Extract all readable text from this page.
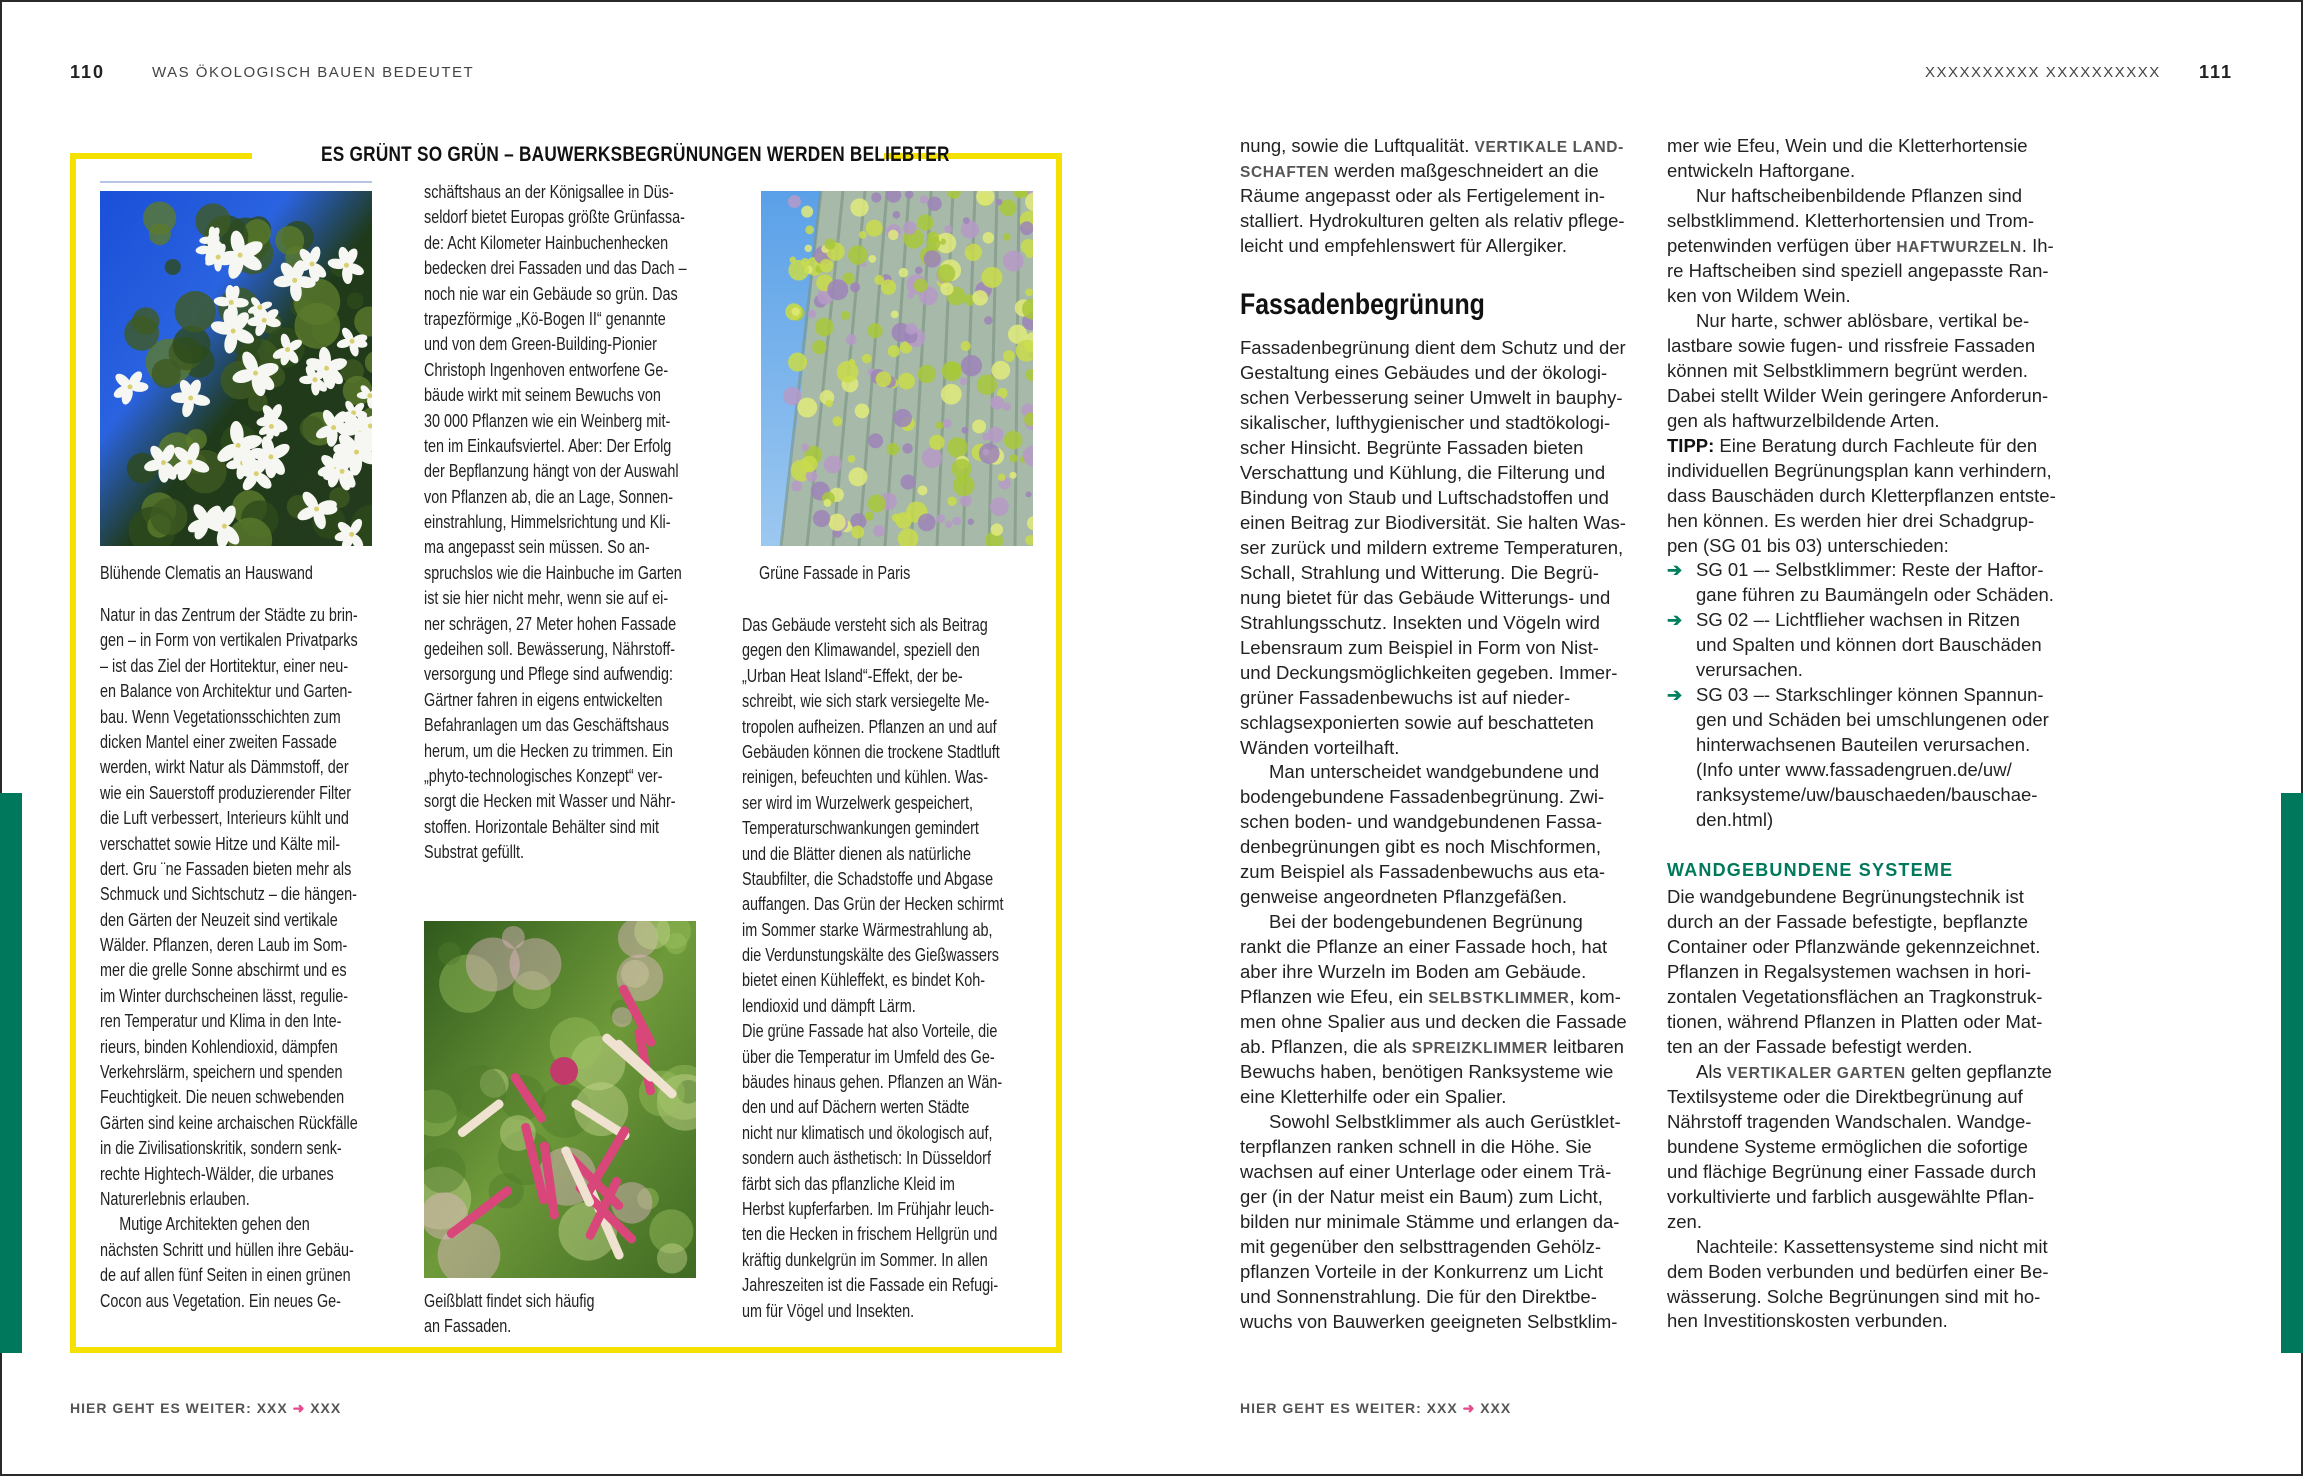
110	WAS ÖKOLOGISCH BAUEN BEDEUTET
ES GRÜNT SO GRÜN – BAUWERKSBEGRÜNUNGEN WERDEN BELIEBTER
Blühende Clematis an Hauswand
Natur in das Zentrum der Städte zu brin-
gen – in Form von vertikalen Privatparks
– ist das Ziel der Hortitektur, einer neu-
en Balance von Architektur und Garten-
bau. Wenn Vegetationsschichten zum
dicken Mantel einer zweiten Fassade
werden, wirkt Natur als Dämmstoff, der
wie ein Sauerstoff produzierender Filter
die Luft verbessert, Interieurs kühlt und
verschattet sowie Hitze und Kälte mil-
dert. Gru ¨ne Fassaden bieten mehr als
Schmuck und Sichtschutz – die hängen-
den Gärten der Neuzeit sind vertikale
Wälder. Pflanzen, deren Laub im Som-
mer die grelle Sonne abschirmt und es
im Winter durchscheinen lässt, regulie-
ren Temperatur und Klima in den Inte-
rieurs, binden Kohlendioxid, dämpfen
Verkehrslärm, speichern und spenden
Feuchtigkeit. Die neuen schwebenden
Gärten sind keine archaischen Rückfälle
in die Zivilisationskritik, sondern senk-
rechte Hightech-Wälder, die urbanes
Naturerlebnis erlauben.
Mutige Architekten gehen den
nächsten Schritt und hüllen ihre Gebäu-
de auf allen fünf Seiten in einen grünen
Cocon aus Vegetation. Ein neues Ge-
schäftshaus an der Königsallee in Düs-
seldorf bietet Europas größte Grünfassa-
de: Acht Kilometer Hainbuchenhecken
bedecken drei Fassaden und das Dach –
noch nie war ein Gebäude so grün. Das
trapezförmige „Kö-Bogen II“ genannte
und von dem Green-Building-Pionier
Christoph Ingenhoven entworfene Ge-
bäude wirkt mit seinem Bewuchs von
30 000 Pflanzen wie ein Weinberg mit-
ten im Einkaufsviertel. Aber: Der Erfolg
der Bepflanzung hängt von der Auswahl
von Pflanzen ab, die an Lage, Sonnen-
einstrahlung, Himmelsrichtung und Kli-
ma angepasst sein müssen. So an-
spruchslos wie die Hainbuche im Garten
ist sie hier nicht mehr, wenn sie auf ei-
ner schrägen, 27 Meter hohen Fassade
gedeihen soll. Bewässerung, Nährstoff-
versorgung und Pflege sind aufwendig:
Gärtner fahren in eigens entwickelten
Befahranlagen um das Geschäftshaus
herum, um die Hecken zu trimmen. Ein
„phyto-technologisches Konzept“ ver-
sorgt die Hecken mit Wasser und Nähr-
stoffen. Horizontale Behälter sind mit
Substrat gefüllt.
Geißblatt findet sich häufig
an Fassaden.
Grüne Fassade in Paris
Das Gebäude versteht sich als Beitrag
gegen den Klimawandel, speziell den
„Urban Heat Island“-Effekt, der be-
schreibt, wie sich stark versiegelte Me-
tropolen aufheizen. Pflanzen an und auf
Gebäuden können die trockene Stadtluft
reinigen, befeuchten und kühlen. Was-
ser wird im Wurzelwerk gespeichert,
Temperaturschwankungen gemindert
und die Blätter dienen als natürliche
Staubfilter, die Schadstoffe und Abgase
auffangen. Das Grün der Hecken schirmt
im Sommer starke Wärmestrahlung ab,
die Verdunstungskälte des Gießwassers
bietet einen Kühleffekt, es bindet Koh-
lendioxid und dämpft Lärm.
Die grüne Fassade hat also Vorteile, die
über die Temperatur im Umfeld des Ge-
bäudes hinaus gehen. Pflanzen an Wän-
den und auf Dächern werten Städte
nicht nur klimatisch und ökologisch auf,
sondern auch ästhetisch: In Düsseldorf
färbt sich das pflanzliche Kleid im
Herbst kupferfarben. Im Frühjahr leuch-
ten die Hecken in frischem Hellgrün und
kräftig dunkelgrün im Sommer. In allen
Jahreszeiten ist die Fassade ein Refugi-
um für Vögel und Insekten.
HIER GEHT ES WEITER: XXX ➜ XXX
XXXXXXXXXX XXXXXXXXXX 111
nung, sowie die Luftqualität. VERTIKALE LAND-
SCHAFTEN werden maßgeschneidert an die
Räume angepasst oder als Fertigelement in-
stalliert. Hydrokulturen gelten als relativ pflege-
leicht und empfehlenswert für Allergiker.
Fassadenbegrünung
Fassadenbegrünung dient dem Schutz und der
Gestaltung eines Gebäudes und der ökologi-
schen Verbesserung seiner Umwelt in bauphy-
sikalischer, lufthygienischer und stadtökologi-
scher Hinsicht. Begrünte Fassaden bieten
Verschattung und Kühlung, die Filterung und
Bindung von Staub und Luftschadstoffen und
einen Beitrag zur Biodiversität. Sie halten Was-
ser zurück und mildern extreme Temperaturen,
Schall, Strahlung und Witterung. Die Begrü-
nung bietet für das Gebäude Witterungs- und
Strahlungsschutz. Insekten und Vögeln wird
Lebensraum zum Beispiel in Form von Nist-
und Deckungsmöglichkeiten gegeben. Immer-
grüner Fassadenbewuchs ist auf nieder-
schlagsexponierten sowie auf beschatteten
Wänden vorteilhaft.
Man unterscheidet wandgebundene und
bodengebundene Fassadenbegrünung. Zwi-
schen boden- und wandgebundenen Fassa-
denbegrünungen gibt es noch Mischformen,
zum Beispiel als Fassadenbewuchs aus eta-
genweise angeordneten Pflanzgefäßen.
Bei der bodengebundenen Begrünung
rankt die Pflanze an einer Fassade hoch, hat
aber ihre Wurzeln im Boden am Gebäude.
Pflanzen wie Efeu, ein SELBSTKLIMMER, kom-
men ohne Spalier aus und decken die Fassade
ab. Pflanzen, die als SPREIZKLIMMER leitbaren
Bewuchs haben, benötigen Ranksysteme wie
eine Kletterhilfe oder ein Spalier.
Sowohl Selbstklimmer als auch Gerüstklet-
terpflanzen ranken schnell in die Höhe. Sie
wachsen auf einer Unterlage oder einem Trä-
ger (in der Natur meist ein Baum) zum Licht,
bilden nur minimale Stämme und erlangen da-
mit gegenüber den selbsttragenden Gehölz-
pflanzen Vorteile in der Konkurrenz um Licht
und Sonnenstrahlung. Die für den Direktbe-
wuchs von Bauwerken geeigneten Selbstklim-
mer wie Efeu, Wein und die Kletterhortensie
entwickeln Haftorgane.
Nur haftscheibenbildende Pflanzen sind
selbstklimmend. Kletterhortensien und Trom-
petenwinden verfügen über HAFTWURZELN. Ih-
re Haftscheiben sind speziell angepasste Ran-
ken von Wildem Wein.
Nur harte, schwer ablösbare, vertikal be-
lastbare sowie fugen- und rissfreie Fassaden
können mit Selbstklimmern begrünt werden.
Dabei stellt Wilder Wein geringere Anforderun-
gen als haftwurzelbildende Arten.
TIPP: Eine Beratung durch Fachleute für den
individuellen Begrünungsplan kann verhindern,
dass Bauschäden durch Kletterpflanzen entste-
hen können. Es werden hier drei Schadgrup-
pen (SG 01 bis 03) unterschieden:
➔ SG 01 –- Selbstklimmer: Reste der Haftor-
gane führen zu Baumängeln oder Schäden.
➔ SG 02 –- Lichtflieher wachsen in Ritzen
und Spalten und können dort Bauschäden
verursachen.
➔ SG 03 –- Starkschlinger können Spannun-
gen und Schäden bei umschlungenen oder
hinterwachsenen Bauteilen verursachen.
(Info unter www.fassadengruen.de/uw/
ranksysteme/uw/bauschaeden/bauschae-
den.html)
WANDGEBUNDENE SYSTEME
Die wandgebundene Begrünungstechnik ist
durch an der Fassade befestigte, bepflanzte
Container oder Pflanzwände gekennzeichnet.
Pflanzen in Regalsystemen wachsen in hori-
zontalen Vegetationsflächen an Tragkonstruk-
tionen, während Pflanzen in Platten oder Mat-
ten an der Fassade befestigt werden.
Als VERTIKALER GARTEN gelten gepflanzte
Textilsysteme oder die Direktbegrünung auf
Nährstoff tragenden Wandschalen. Wandge-
bundene Systeme ermöglichen die sofortige
und flächige Begrünung einer Fassade durch
vorkultivierte und farblich ausgewählte Pflan-
zen.
Nachteile: Kassettensysteme sind nicht mit
dem Boden verbunden und bedürfen einer Be-
wässerung. Solche Begrünungen sind mit ho-
hen Investitionskosten verbunden.
HIER GEHT ES WEITER: XXX ➜ XXX
